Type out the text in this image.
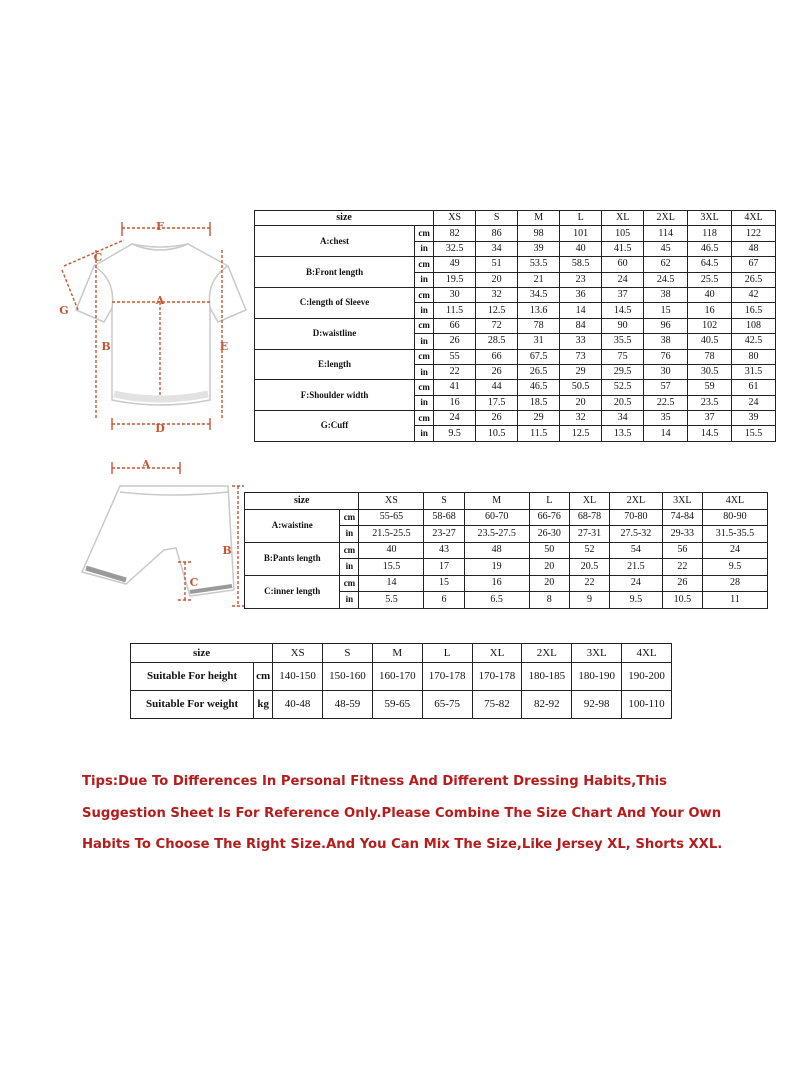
F
C
G
A
B	E
D
size		XS	S	M	L	XL	2XL	3XL	4XL
A:chest	cm	82	86	98	101	105	114	118	122
	in	32.5	34	39	40	41.5	45	46.5	48
B:Front length	cm	49	51	53.5	58.5	60	62	64.5	67
	in	19.5	20	21	23	24	24.5	25.5	26.5
C:length of Sleeve	cm	30	32	34.5	36	37	38	40	42
	in	11.5	12.5	13.6	14	14.5	15	16	16.5
D:waistline	cm	66	72	78	84	90	96	102	108
	in	26	28.5	31	33	35.5	38	40.5	42.5
E:length	cm	55	66	67.5	73	75	76	78	80
	in	22	26	26.5	29	29.5	30	30.5	31.5
F:Shoulder width	cm	41	44	46.5	50.5	52.5	57	59	61
	in	16	17.5	18.5	20	20.5	22.5	23.5	24
G:Cuff	cm	24	26	29	32	34	35	37	39
	in	9.5	10.5	11.5	12.5	13.5	14	14.5	15.5
A
B
C
size		XS	S	M	L	XL	2XL	3XL	4XL
A:waistine	cm	55-65	58-68	60-70	66-76	68-78	70-80	74-84	80-90
	in	21.5-25.5	23-27	23.5-27.5	26-30	27-31	27.5-32	29-33	31.5-35.5
B:Pants length	cm	40	43	48	50	52	54	56	24
	in	15.5	17	19	20	20.5	21.5	22	9.5
C:inner length	cm	14	15	16	20	22	24	26	28
	in	5.5	6	6.5	8	9	9.5	10.5	11
size		XS	S	M	L	XL	2XL	3XL	4XL
Suitable For height	cm	140-150	150-160	160-170	170-178	170-178	180-185	180-190	190-200
Suitable For weight	kg	40-48	48-59	59-65	65-75	75-82	82-92	92-98	100-110

Tips:Due To Differences In Personal Fitness And Different Dressing Habits,This Suggestion Sheet Is For Reference Only.Please Combine The Size Chart And Your Own Habits To Choose The Right Size.And You Can Mix The Size,Like Jersey XL, Shorts XXL.
